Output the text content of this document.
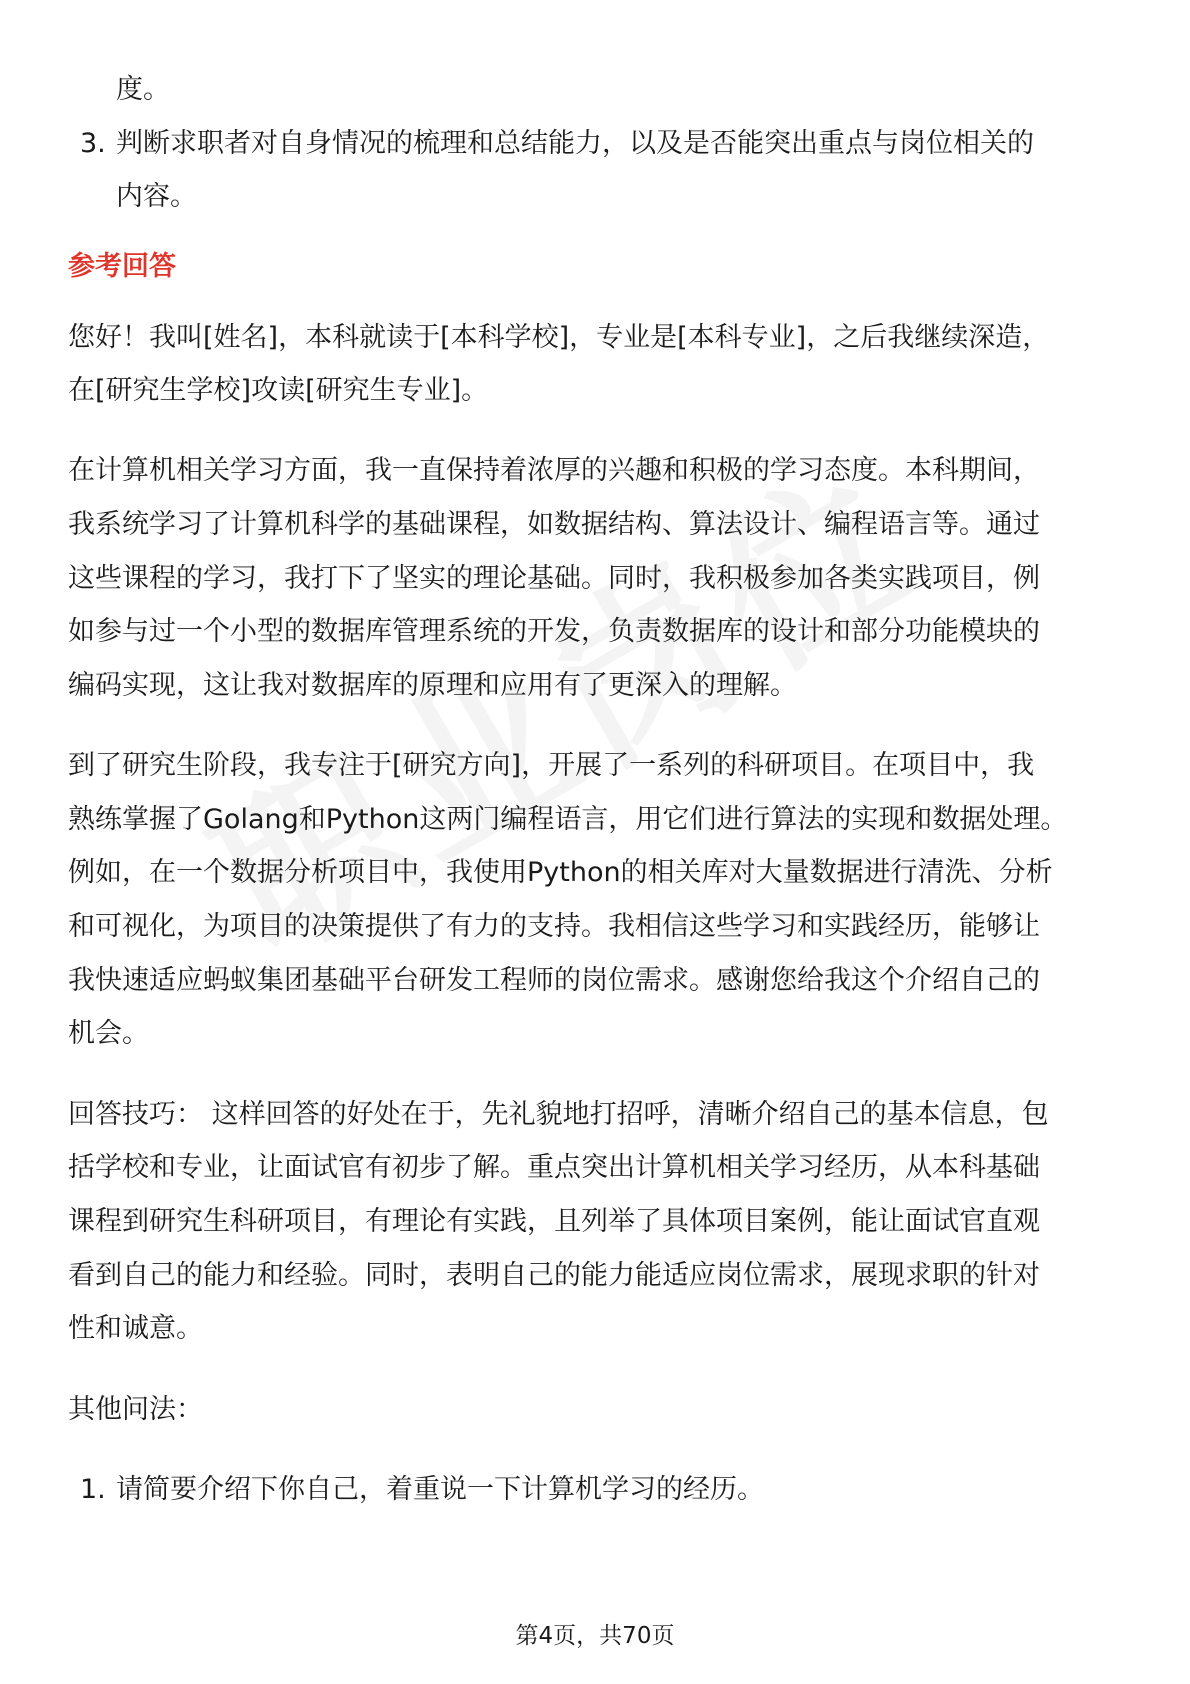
度。
3. 判断求职者对自身情况的梳理和总结能力，以及是否能突出重点与岗位相关的
内容。
参考回答
您好！我叫[姓名]，本科就读于[本科学校]，专业是[本科专业]，之后我继续深造，
在[研究生学校]攻读[研究生专业]。
在计算机相关学习方面，我一直保持着浓厚的兴趣和积极的学习态度。本科期间，
我系统学习了计算机科学的基础课程，如数据结构、算法设计、编程语言等。通过
这些课程的学习，我打下了坚实的理论基础。同时，我积极参加各类实践项目，例
如参与过一个小型的数据库管理系统的开发，负责数据库的设计和部分功能模块的
编码实现，这让我对数据库的原理和应用有了更深入的理解。
到了研究生阶段，我专注于[研究方向]，开展了一系列的科研项目。在项目中，我
熟练掌握了Golang和Python这两门编程语言，用它们进行算法的实现和数据处理。
例如，在一个数据分析项目中，我使用Python的相关库对大量数据进行清洗、分析
和可视化，为项目的决策提供了有力的支持。我相信这些学习和实践经历，能够让
我快速适应蚂蚁集团基础平台研发工程师的岗位需求。感谢您给我这个介绍自己的
机会。
回答技巧： 这样回答的好处在于，先礼貌地打招呼，清晰介绍自己的基本信息，包
括学校和专业，让面试官有初步了解。重点突出计算机相关学习经历，从本科基础
课程到研究生科研项目，有理论有实践，且列举了具体项目案例，能让面试官直观
看到自己的能力和经验。同时，表明自己的能力能适应岗位需求，展现求职的针对
性和诚意。
其他问法：
1. 请简要介绍下你自己，着重说一下计算机学习的经历。
第4页，共70页
